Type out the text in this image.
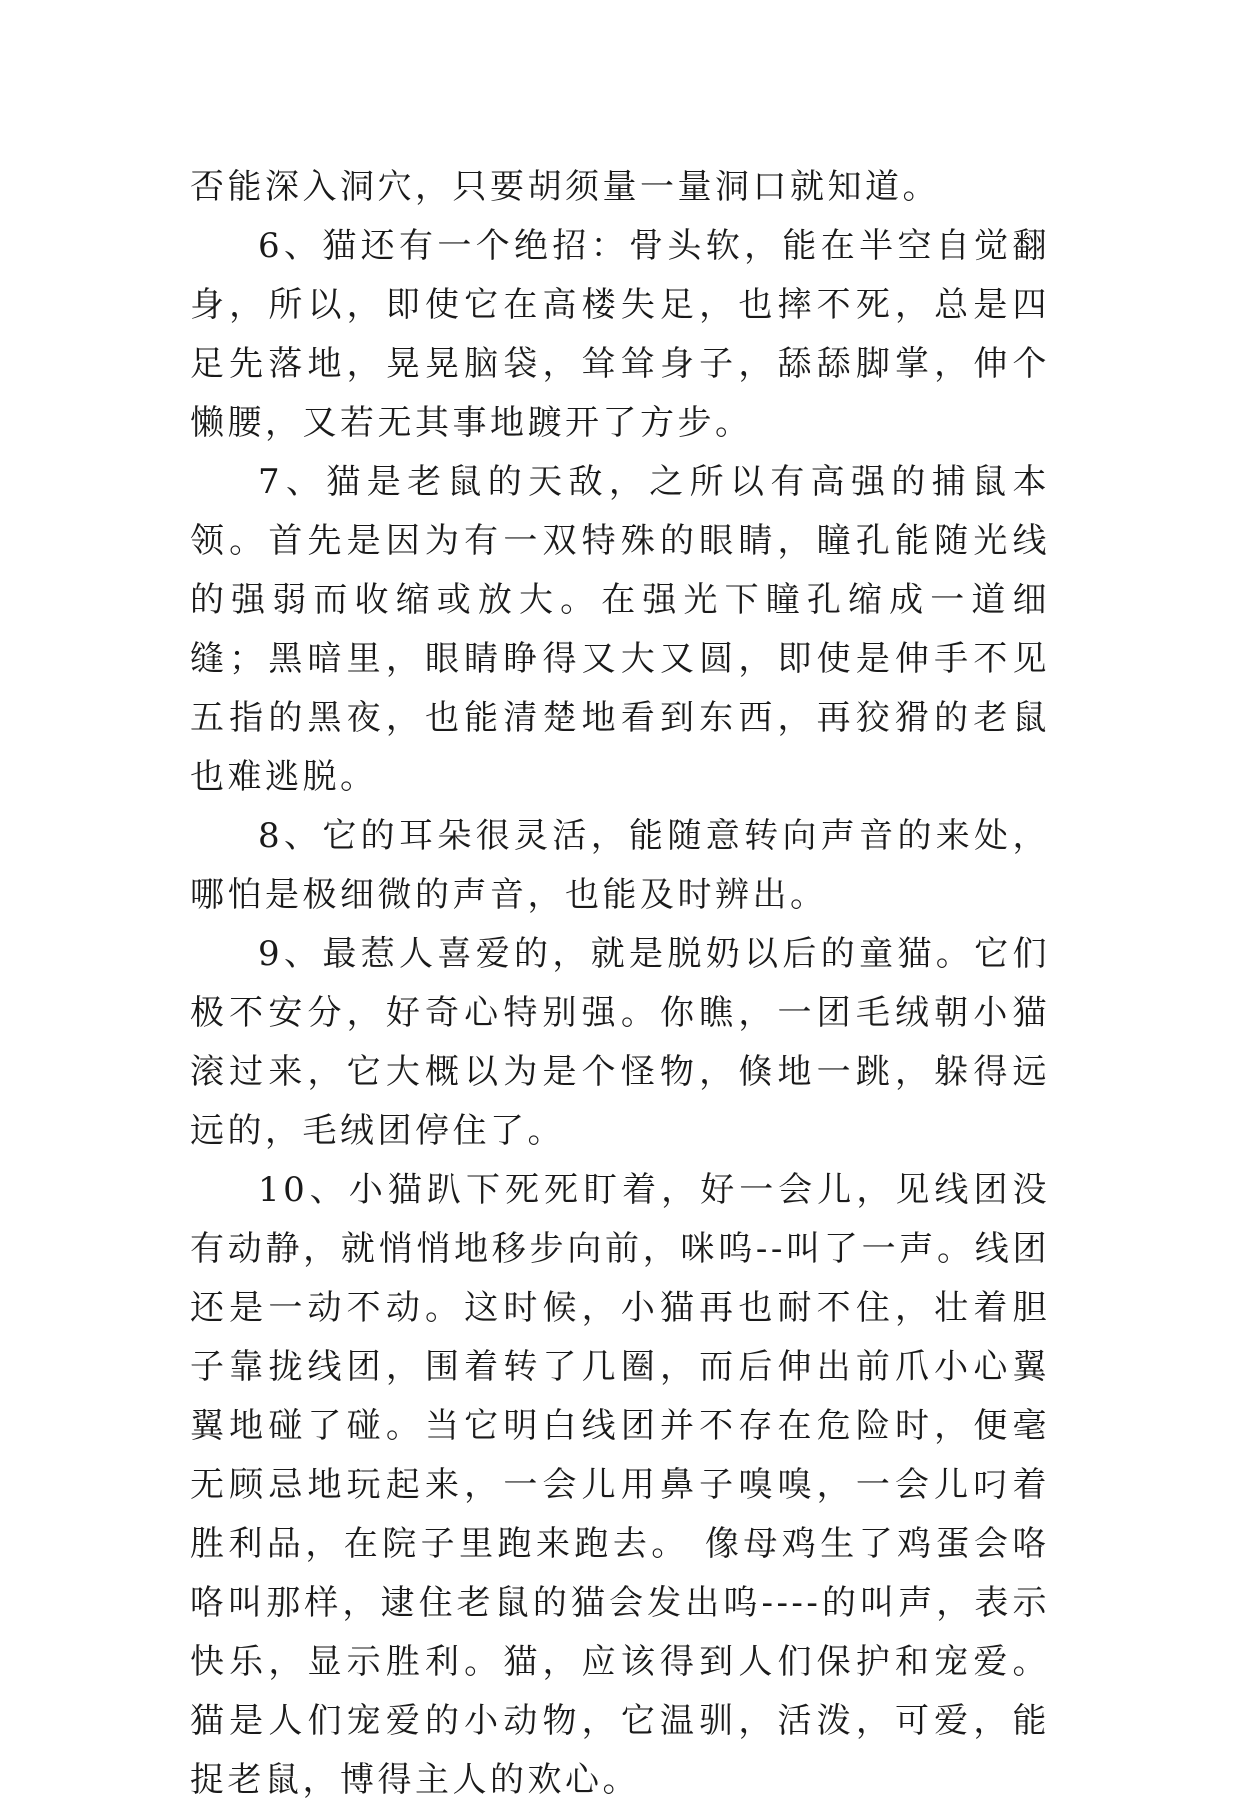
否能深入洞穴，只要胡须量一量洞口就知道。

6、猫还有一个绝招：骨头软，能在半空自觉翻身，所以，即使它在高楼失足，也摔不死，总是四足先落地，晃晃脑袋，耸耸身子，舔舔脚掌，伸个懒腰，又若无其事地踱开了方步。

7、猫是老鼠的天敌，之所以有高强的捕鼠本领。首先是因为有一双特殊的眼睛，瞳孔能随光线的强弱而收缩或放大。在强光下瞳孔缩成一道细缝；黑暗里，眼睛睁得又大又圆，即使是伸手不见五指的黑夜，也能清楚地看到东西，再狡猾的老鼠也难逃脱。

8、它的耳朵很灵活，能随意转向声音的来处，哪怕是极细微的声音，也能及时辨出。

9、最惹人喜爱的，就是脱奶以后的童猫。它们极不安分，好奇心特别强。你瞧，一团毛绒朝小猫滚过来，它大概以为是个怪物，倏地一跳，躲得远远的，毛绒团停住了。

10、小猫趴下死死盯着，好一会儿，见线团没有动静，就悄悄地移步向前，咪呜--叫了一声。线团还是一动不动。这时候，小猫再也耐不住，壮着胆子靠拢线团，围着转了几圈，而后伸出前爪小心翼翼地碰了碰。当它明白线团并不存在危险时，便毫无顾忌地玩起来，一会儿用鼻子嗅嗅，一会儿叼着胜利品，在院子里跑来跑去。 像母鸡生了鸡蛋会咯咯叫那样，逮住老鼠的猫会发出呜----的叫声，表示快乐，显示胜利。猫，应该得到人们保护和宠爱。猫是人们宠爱的小动物，它温驯，活泼，可爱，能捉老鼠，博得主人的欢心。
